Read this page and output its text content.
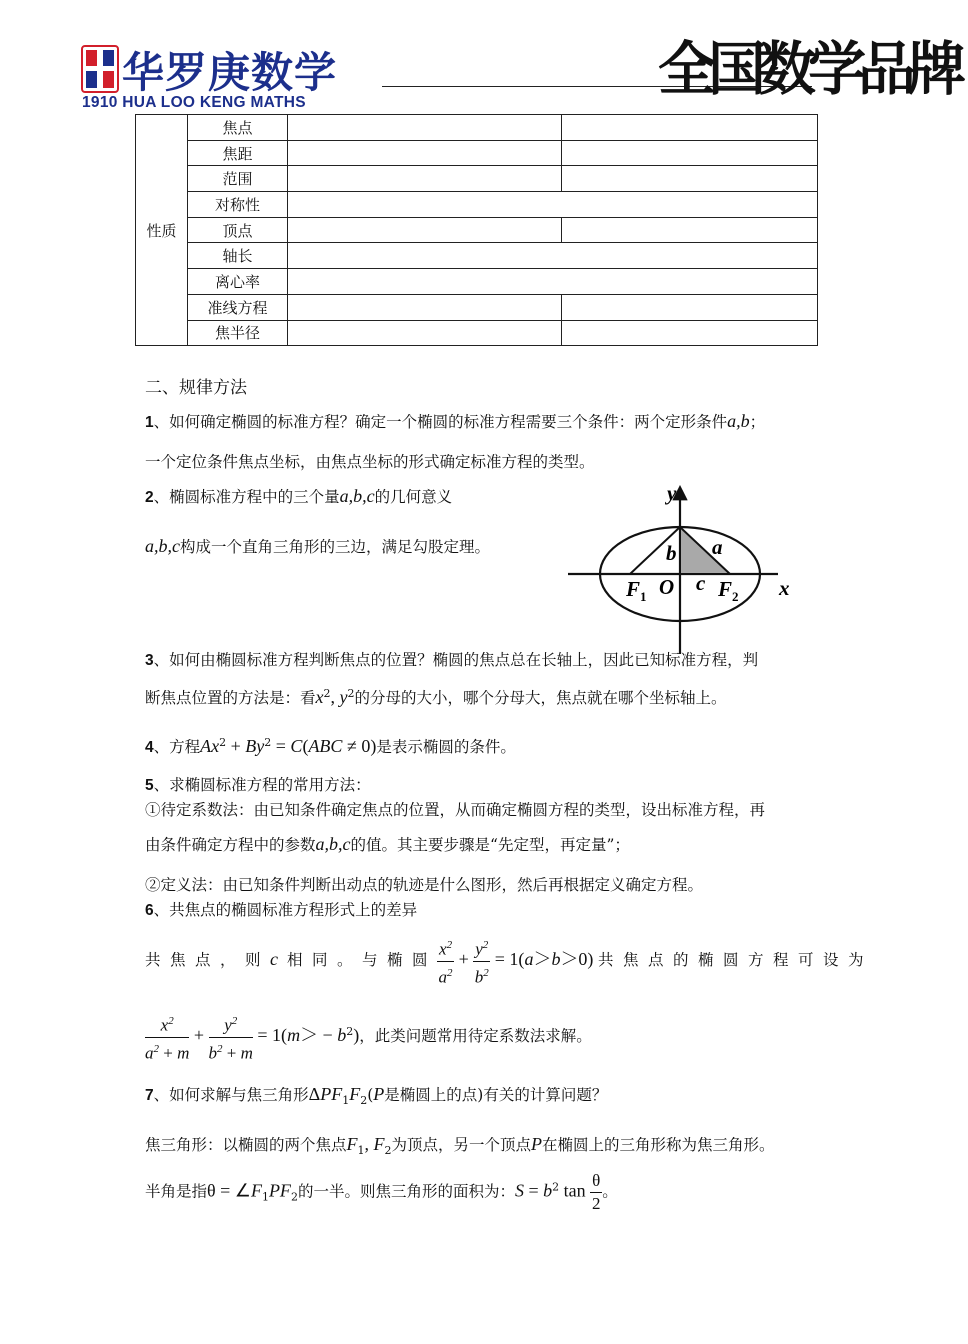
华罗庚数学
1910 HUA LOO KENG MATHS	全
国
数
学
品
牌
性质	焦点		
	焦距		
	范围		
	对称性		
	顶点		
	轴长		
	离心率		
	准线方程		
	焦半径		
二、规律方法
1、如何确定椭圆的标准方程？确定一个椭圆的标准方程需要三个条件：两个定形条件a,b；
一个定位条件焦点坐标，由焦点坐标的形式确定标准方程的类型。
2、椭圆标准方程中的三个量a,b,c的几何意义
a,b,c构成一个直角三角形的三边，满足勾股定理。
y
x
O
b a
c
$F_1$	$F_2$
3、如何由椭圆标准方程判断焦点的位置？椭圆的焦点总在长轴上，因此已知标准方程，判
断焦点位置的方法是：看$x^2$, $y^2$的分母的大小，哪个分母大，焦点就在哪个坐标轴上。
4、方程$Ax^2 + By^2 = C(ABC \ne 0)$是表示椭圆的条件。
5、求椭圆标准方程的常用方法：
①待定系数法：由已知条件确定焦点的位置，从而确定椭圆方程的类型，设出标准方程，再
由条件确定方程中的参数a,b,c的值。其主要步骤是“先定型，再定量”；
②定义法：由已知条件判断出动点的轨迹是什么图形，然后再根据定义确定方程。
6、共焦点的椭圆标准方程形式上的差异
共焦点，则c 相同。与椭圆 $\frac{x^2}{a^2} + \frac{y^2}{b^2} = 1(a>b>0)$ 共焦点的椭圆方程可设为
$\frac{x^2}{a^2 + m} + \frac{y^2}{b^2 + m} = 1(m> - b^2)$，此类问题常用待定系数法求解。
7、如何求解与焦三角形$\Delta PF_1F_2(P$是椭圆上的点)有关的计算问题？
焦三角形：以椭圆的两个焦点$F_1$, $F_2$为顶点，另一个顶点P在椭圆上的三角形称为焦三角形。
半角是指$\theta = \angle F_1PF_2$的一半。则焦三角形的面积为：$S = b^2$ $\tan \frac{\theta}{2}$ 。
